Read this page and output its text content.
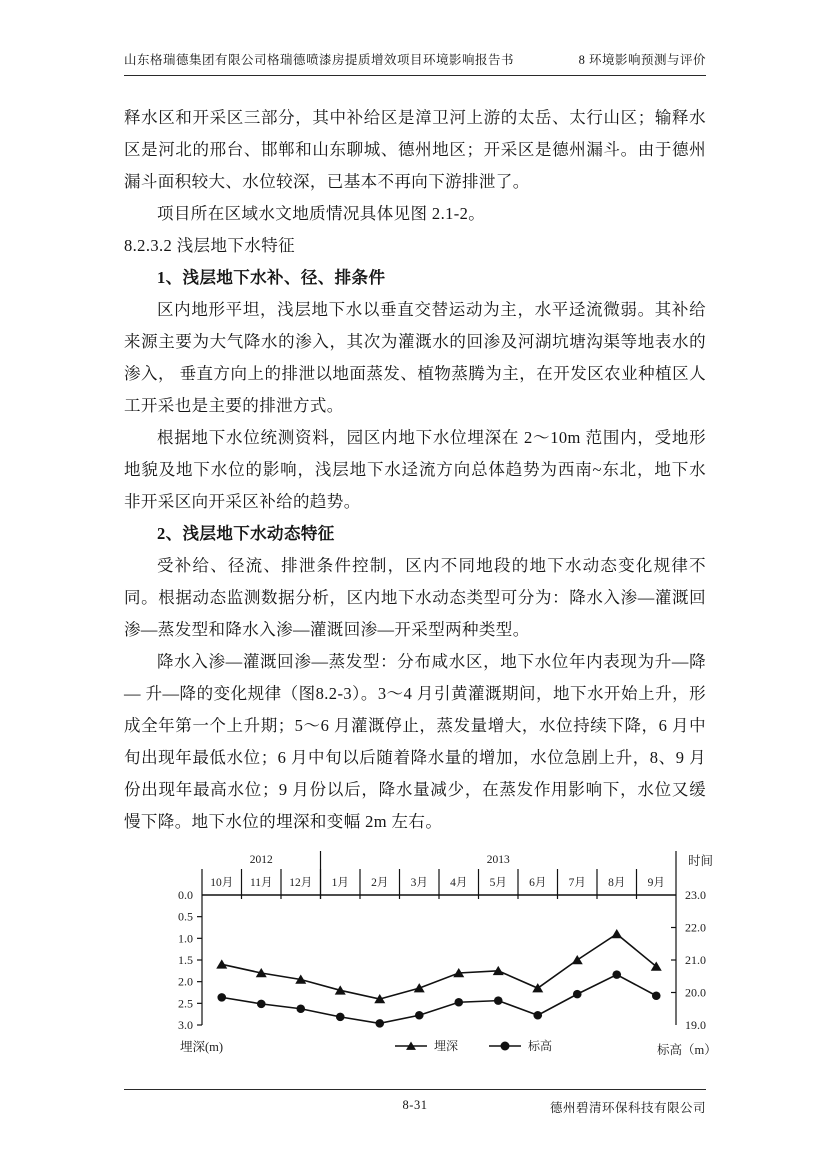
山东格瑞德集团有限公司格瑞德喷漆房提质增效项目环境影响报告书	8 环境影响预测与评价

释水区和开采区三部分，其中补给区是漳卫河上游的太岳、太行山区；输释水区是河北的邢台、邯郸和山东聊城、德州地区；开采区是德州漏斗。由于德州漏斗面积较大、水位较深，已基本不再向下游排泄了。

项目所在区域水文地质情况具体见图 2.1-2。

8.2.3.2 浅层地下水特征

1、浅层地下水补、径、排条件

区内地形平坦，浅层地下水以垂直交替运动为主，水平迳流微弱。其补给来源主要为大气降水的渗入，其次为灌溉水的回渗及河湖坑塘沟渠等地表水的渗入， 垂直方向上的排泄以地面蒸发、植物蒸腾为主，在开发区农业种植区人工开采也是主要的排泄方式。

根据地下水位统测资料，园区内地下水位埋深在 2～10m 范围内，受地形地貌及地下水位的影响，浅层地下水迳流方向总体趋势为西南~东北，地下水非开采区向开采区补给的趋势。

2、浅层地下水动态特征

受补给、径流、排泄条件控制，区内不同地段的地下水动态变化规律不同。根据动态监测数据分析，区内地下水动态类型可分为：降水入渗—灌溉回渗—蒸发型和降水入渗—灌溉回渗—开采型两种类型。

降水入渗—灌溉回渗—蒸发型：分布咸水区，地下水位年内表现为升—降— 升—降的变化规律（图8.2-3）。3～4 月引黄灌溉期间，地下水开始上升，形成全年第一个上升期；5～6 月灌溉停止，蒸发量增大，水位持续下降，6 月中旬出现年最低水位；6 月中旬以后随着降水量的增加，水位急剧上升，8、9 月份出现年最高水位；9 月份以后，降水量减少，在蒸发作用影响下，水位又缓慢下降。地下水位的埋深和变幅 2m 左右。

10月 11月 12月 1月 2月 3月 4月 5月 6月 7月 8月 9月
2012	2013
0.0
0.5
1.0
1.5
2.0
2.5
3.0
23.0
22.0
21.0
20.0
19.0
埋深	标高
埋深(m)	标高（m）
时间
8-31	德州碧清环保科技有限公司
